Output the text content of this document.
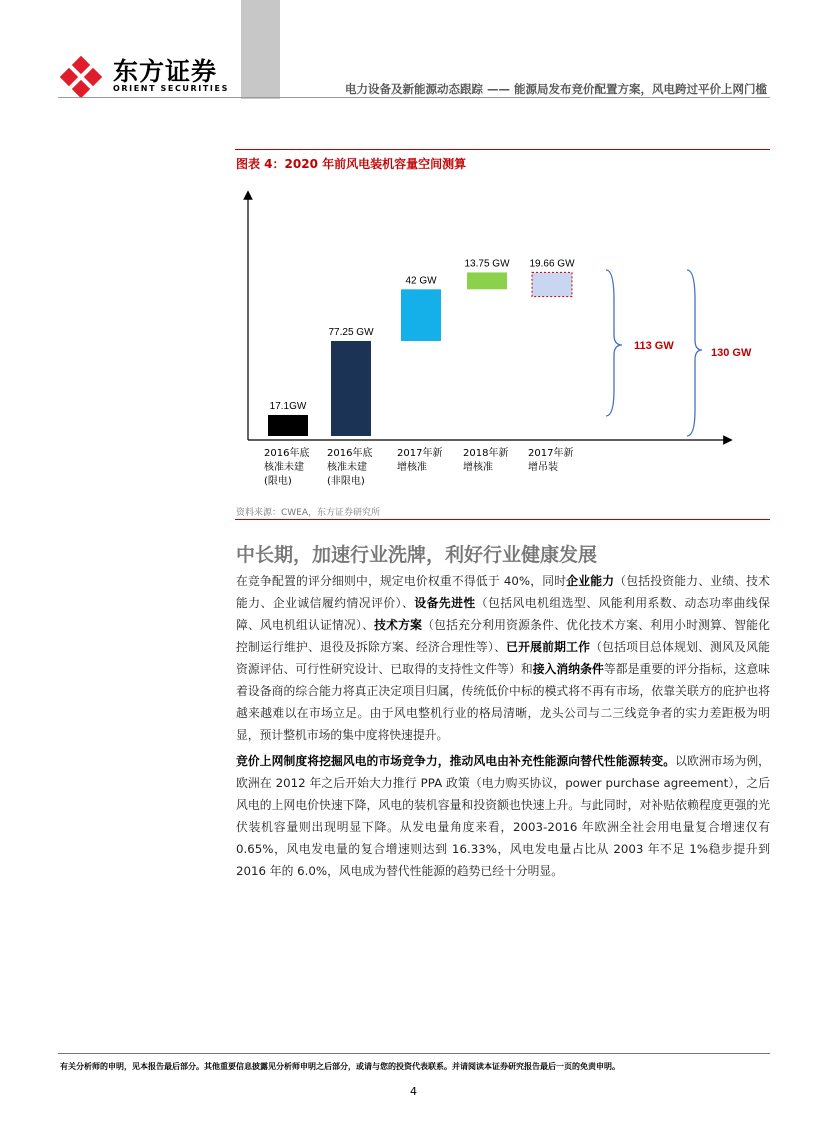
东方证券
ORIENT SECURITIES	电力设备及新能源动态跟踪 —— 能源局发布竞价配置方案，风电跨过平价上网门槛
图表 4：2020 年前风电装机容量空间测算
17.1GW
77.25 GW
42 GW
13.75 GW 19.66 GW
2016年底
核准未建
(限电)
2016年底
核准未建
(非限电)
2017年新
增核准
2018年新
增核准
2017年新
增吊装
113 GW
130 GW
资料来源：CWEA，东方证券研究所
中长期，加速行业洗牌，利好行业健康发展
在竞争配置的评分细则中，规定电价权重不得低于 40%，同时企业能力（包括投资能力、业绩、技术能力、企业诚信履约情况评价）、设备先进性（包括风电机组选型、风能利用系数、动态功率曲线保障、风电机组认证情况）、技术方案（包括充分利用资源条件、优化技术方案、利用小时测算、智能化控制运行维护、退役及拆除方案、经济合理性等）、已开展前期工作（包括项目总体规划、测风及风能资源评估、可行性研究设计、已取得的支持性文件等）和接入消纳条件等都是重要的评分指标，这意味着设备商的综合能力将真正决定项目归属，传统低价中标的模式将不再有市场，依靠关联方的庇护也将越来越难以在市场立足。由于风电整机行业的格局清晰，龙头公司与二三线竞争者的实力差距极为明显，预计整机市场的集中度将快速提升。
竞价上网制度将挖掘风电的市场竞争力，推动风电由补充性能源向替代性能源转变。以欧洲市场为例，欧洲在 2012 年之后开始大力推行 PPA 政策（电力购买协议，power purchase agreement），之后风电的上网电价快速下降，风电的装机容量和投资额也快速上升。与此同时，对补贴依赖程度更强的光伏装机容量则出现明显下降。从发电量角度来看，2003-2016 年欧洲全社会用电量复合增速仅有 0.65%，风电发电量的复合增速则达到 16.33%，风电发电量占比从 2003 年不足 1%稳步提升到 2016 年的 6.0%，风电成为替代性能源的趋势已经十分明显。
有关分析师的申明，见本报告最后部分。其他重要信息披露见分析师申明之后部分，或请与您的投资代表联系。并请阅读本证券研究报告最后一页的免责申明。
4
